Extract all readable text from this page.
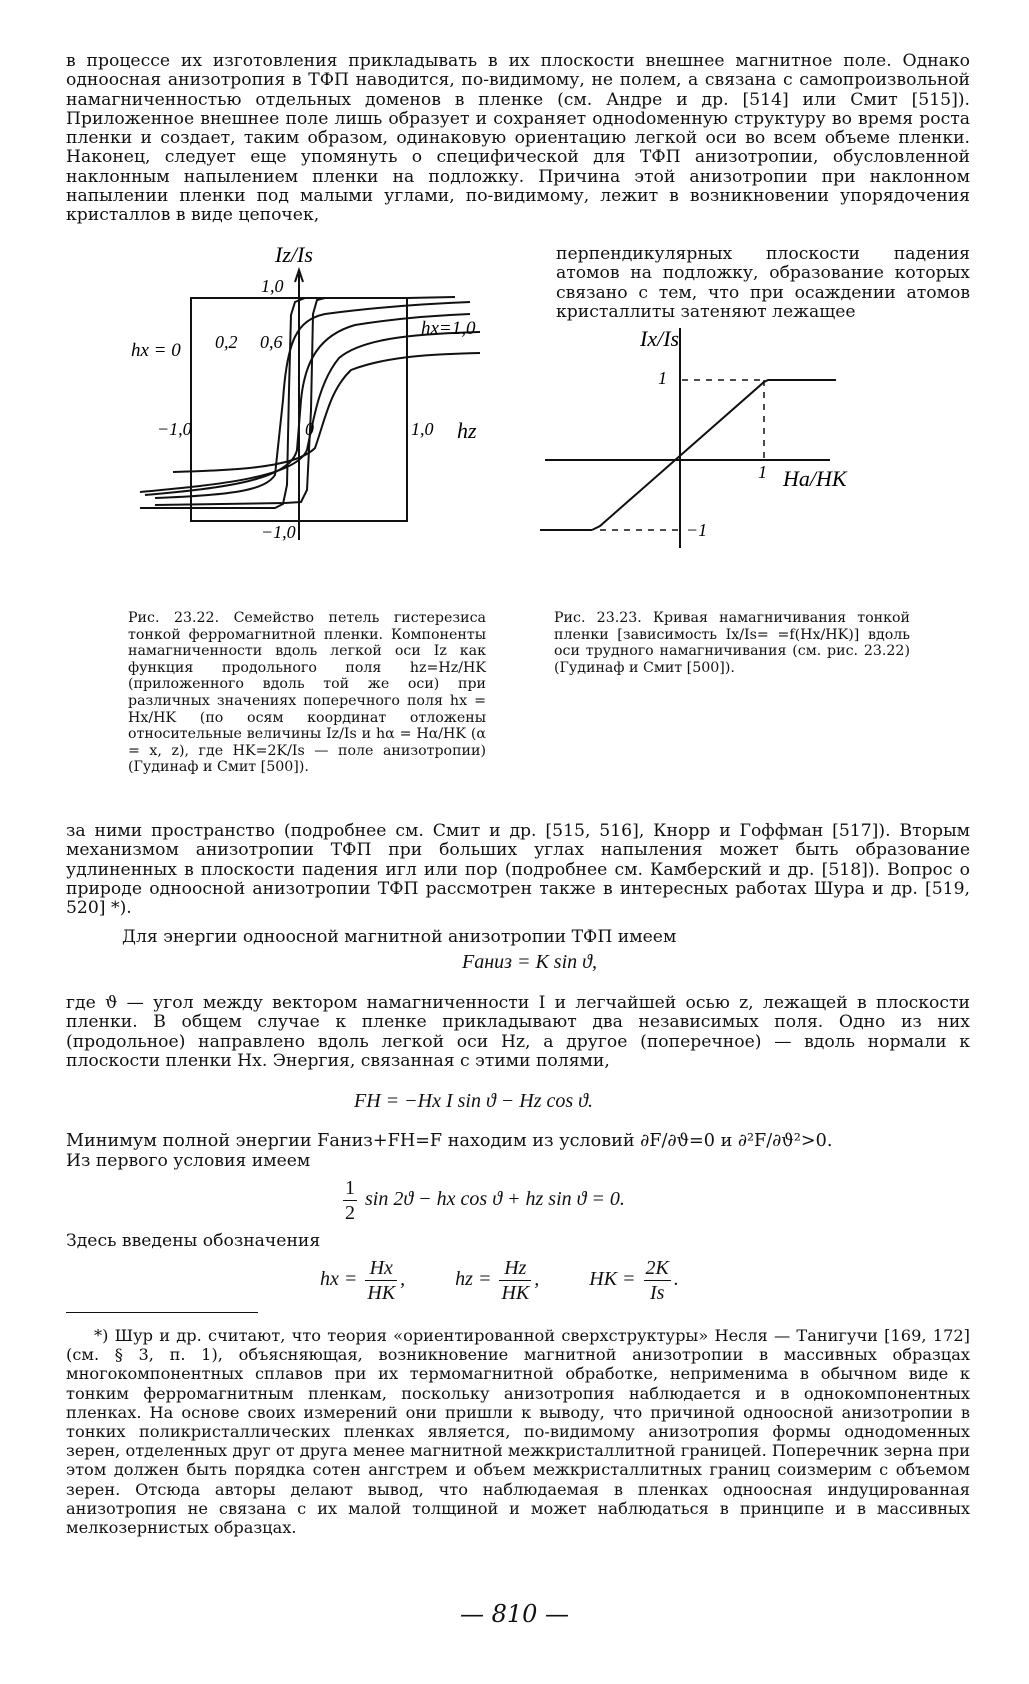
в процессе их изготовления прикладывать в их плоскости внешнее магнитное поле. Однако одноосная анизотропия в ТФП наводится, по-видимому, не полем, а связана с самопроизвольной намагниченностью отдельных доменов в пленке (см. Андре и др. [514] или Смит [515]). Приложенное внешнее поле лишь образует и сохраняет одноdоменную структуру во время роста пленки и создает, таким образом, одинаковую ориентацию легкой оси во всем объеме пленки. Наконец, следует еще упомянуть о специфической для ТФП анизотропии, обусловленной наклонным напылением пленки на подложку. Причина этой анизотропии при наклонном напылении пленки под малыми углами, по-видимому, лежит в возникновении упорядочения кристаллов в виде цепочек,

перпендикулярных плоскости падения атомов на подложку, образование которых связано с тем, что при осаждении атомов кристаллиты затеняют лежащее

Iz/Is
1,0
−1,0
−1,0	1,0
0	hz
hx = 0 0,2 0,6
hx=1,0	Ix/Is
1
1 Ha/HK
−1

Рис. 23.22. Семейство петель гистерезиса тонкой ферромагнитной пленки. Компоненты намагниченности вдоль легкой оси Iz как функция продольного поля hz=Hz/HK (приложенного вдоль той же оси) при различных значениях поперечного поля hx = Hx/HK (по осям координат отложены относительные величины Iz/Is и hα = Hα/HK (α = x, z), где HK=2K/Is — поле анизотропии) (Гудинаф и Смит [500]).

Рис. 23.23. Кривая намагничивания тонкой пленки [зависимость Ix/Is= =f(Hx/HK)] вдоль оси трудного намагничивания (см. рис. 23.22) (Гудинаф и Смит [500]).

за ними пространство (подробнее см. Смит и др. [515, 516], Кнорр и Гоффман [517]). Вторым механизмом анизотропии ТФП при больших углах напыления может быть образование удлиненных в плоскости падения игл или пор (подробнее см. Камберский и др. [518]). Вопрос о природе одноосной анизотропии ТФП рассмотрен также в интересных работах Шура и др. [519, 520] *).

Для энергии одноосной магнитной анизотропии ТФП имеем

Fаниз = K sin ϑ,

где ϑ — угол между вектором намагниченности I и легчайшей осью z, лежащей в плоскости пленки. В общем случае к пленке прикладывают два независимых поля. Одно из них (продольное) направлено вдоль легкой оси Hz, а другое (поперечное) — вдоль нормали к плоскости пленки Hx. Энергия, связанная с этими полями,

FH = −Hx I sin ϑ − Hz cos ϑ.

Минимум полной энергии Fаниз+FH=F находим из условий ∂F/∂ϑ=0 и ∂²F/∂ϑ²>0.

Из первого условия имеем

$\frac{1}{2}$ sin 2ϑ − hx cos ϑ + hz sin ϑ = 0.

Здесь введены обозначения

hx = $\frac{Hx}{HK}$ ,  hz = $\frac{Hz}{HK}$ ,  HK = $\frac{2K}{Is}$ .

*) Шур и др. считают, что теория «ориентированной сверхструктуры» Несля — Танигучи [169, 172] (см. § 3, п. 1), объясняющая, возникновение магнитной анизотропии в массивных образцах многокомпонентных сплавов при их термомагнитной обработке, неприменима в обычном виде к тонким ферромагнитным пленкам, поскольку анизотропия наблюдается и в однокомпонентных пленках. На основе своих измерений они пришли к выводу, что причиной одноосной анизотропии в тонких поликристаллических пленках является, по-видимому анизотропия формы однодоменных зерен, отделенных друг от друга менее магнитной межкристаллитной границей. Поперечник зерна при этом должен быть порядка сотен ангстрем и объем межкристаллитных границ соизмерим с объемом зерен. Отсюда авторы делают вывод, что наблюдаемая в пленках одноосная индуцированная анизотропия не связана с их малой толщиной и может наблюдаться в принципе и в массивных мелкозернистых образцах.

— 810 —
